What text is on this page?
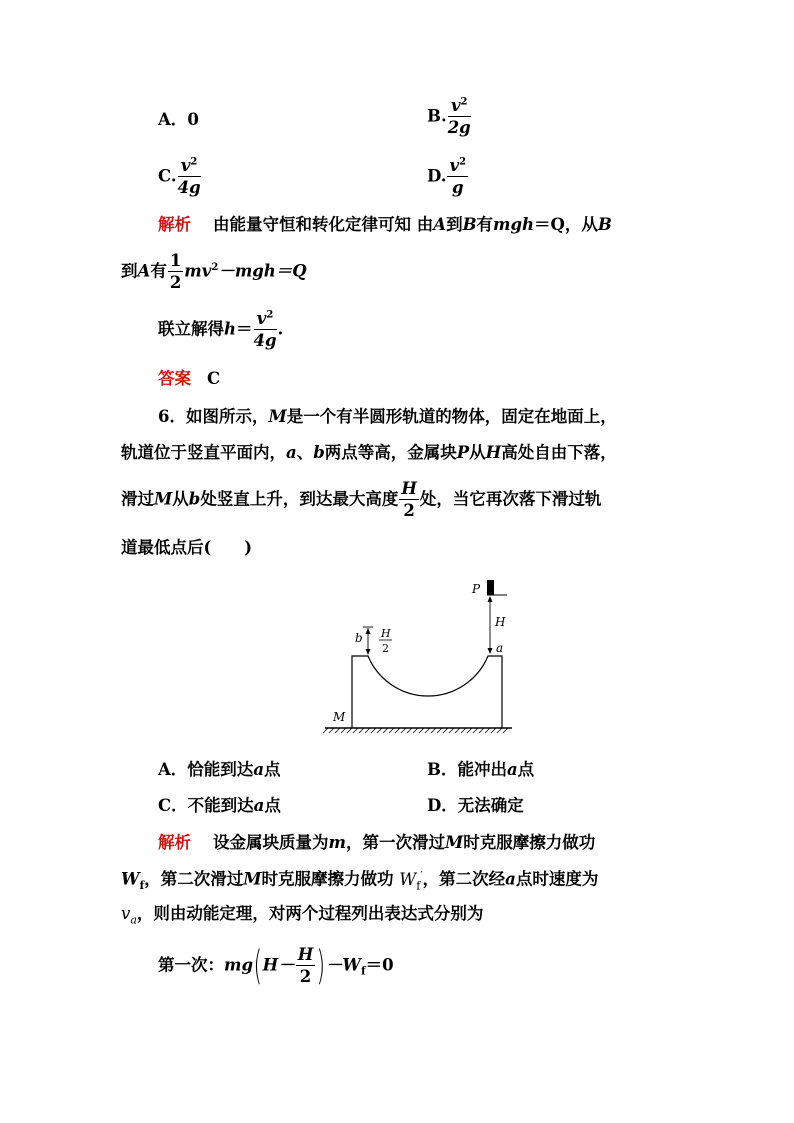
A．0	B. $\frac{v^2}{2g}$
C. $\frac{v^2}{4g}$	D. $\frac{v^2}{g}$
解析 由能量守恒和转化定律可知 由A到B有mgh＝Q，从B
到A有 $\frac{1}{2} mv^2-mgh=Q$
联立解得$h= \frac{v^2}{4g}$ .
答案 C
6．如图所示，M是一个有半圆形轨道的物体，固定在地面上，
轨道位于竖直平面内，a、b两点等高，金属块P从H高处自由下落，
滑过M从b处竖直上升，到达最大高度 $\frac{H}{2}$ 处，当它再次落下滑过轨
道最低点后(　　)
P
H
a
b H
2
M
A．恰能到达a点	B．能冲出a点
C．不能到达a点	D．无法确定
解析 设金属块质量为m，第一次滑过M时克服摩擦力做功
$W_f$，第二次滑过M时克服摩擦力做功 $W_f'$，第二次经a点时速度为
$v_a$，则由动能定理，对两个过程列出表达式分别为
第一次：$mg(H- \frac{H}{2} )-W_f=0$
